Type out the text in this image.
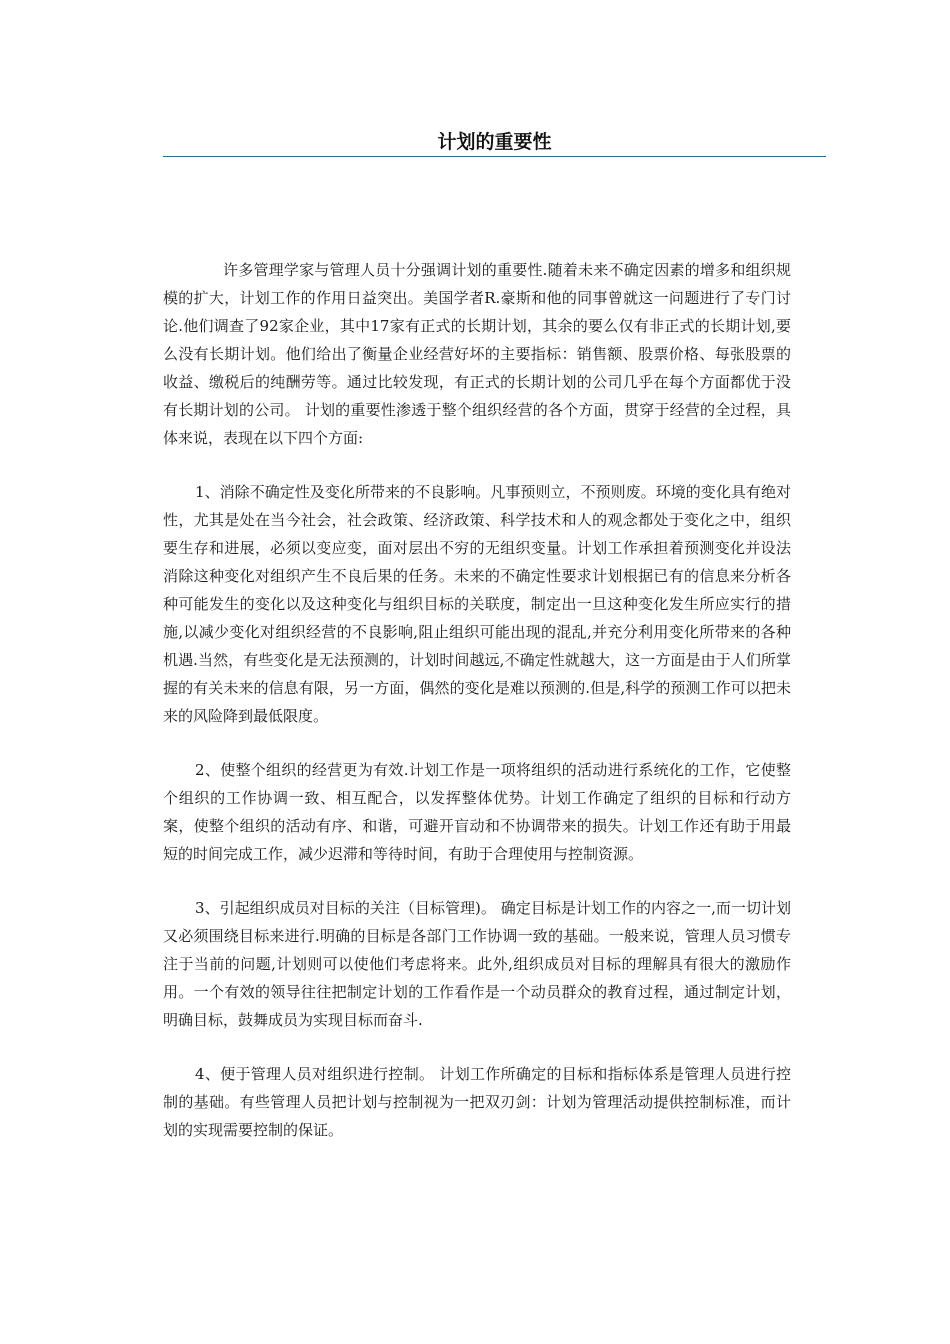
计划的重要性

许多管理学家与管理人员十分强调计划的重要性.随着未来不确定因素的增多和组织规模的扩大，计划工作的作用日益突出。美国学者R.豪斯和他的同事曾就这一问题进行了专门讨论.他们调查了92家企业，其中17家有正式的长期计划，其余的要么仅有非正式的长期计划,要么没有长期计划。他们给出了衡量企业经营好坏的主要指标：销售额、股票价格、每张股票的收益、缴税后的纯酬劳等。通过比较发现，有正式的长期计划的公司几乎在每个方面都优于没有长期计划的公司。 计划的重要性渗透于整个组织经营的各个方面，贯穿于经营的全过程，具体来说，表现在以下四个方面:

1、消除不确定性及变化所带来的不良影响。凡事预则立，不预则废。环境的变化具有绝对性，尤其是处在当今社会，社会政策、经济政策、科学技术和人的观念都处于变化之中，组织要生存和进展，必须以变应变，面对层出不穷的无组织变量。计划工作承担着预测变化并设法消除这种变化对组织产生不良后果的任务。未来的不确定性要求计划根据已有的信息来分析各种可能发生的变化以及这种变化与组织目标的关联度，制定出一旦这种变化发生所应实行的措施,以减少变化对组织经营的不良影响,阻止组织可能出现的混乱,并充分利用变化所带来的各种机遇.当然，有些变化是无法预测的，计划时间越远,不确定性就越大，这一方面是由于人们所掌握的有关未来的信息有限，另一方面，偶然的变化是难以预测的.但是,科学的预测工作可以把未来的风险降到最低限度。

2、使整个组织的经营更为有效.计划工作是一项将组织的活动进行系统化的工作，它使整个组织的工作协调一致、相互配合，以发挥整体优势。计划工作确定了组织的目标和行动方案，使整个组织的活动有序、和谐，可避开盲动和不协调带来的损失。计划工作还有助于用最短的时间完成工作，减少迟滞和等待时间，有助于合理使用与控制资源。

3、引起组织成员对目标的关注（目标管理)。 确定目标是计划工作的内容之一,而一切计划又必须围绕目标来进行.明确的目标是各部门工作协调一致的基础。一般来说，管理人员习惯专注于当前的问题,计划则可以使他们考虑将来。此外,组织成员对目标的理解具有很大的激励作用。一个有效的领导往往把制定计划的工作看作是一个动员群众的教育过程，通过制定计划，明确目标，鼓舞成员为实现目标而奋斗.

4、便于管理人员对组织进行控制。 计划工作所确定的目标和指标体系是管理人员进行控制的基础。有些管理人员把计划与控制视为一把双刃剑：计划为管理活动提供控制标准，而计划的实现需要控制的保证。
